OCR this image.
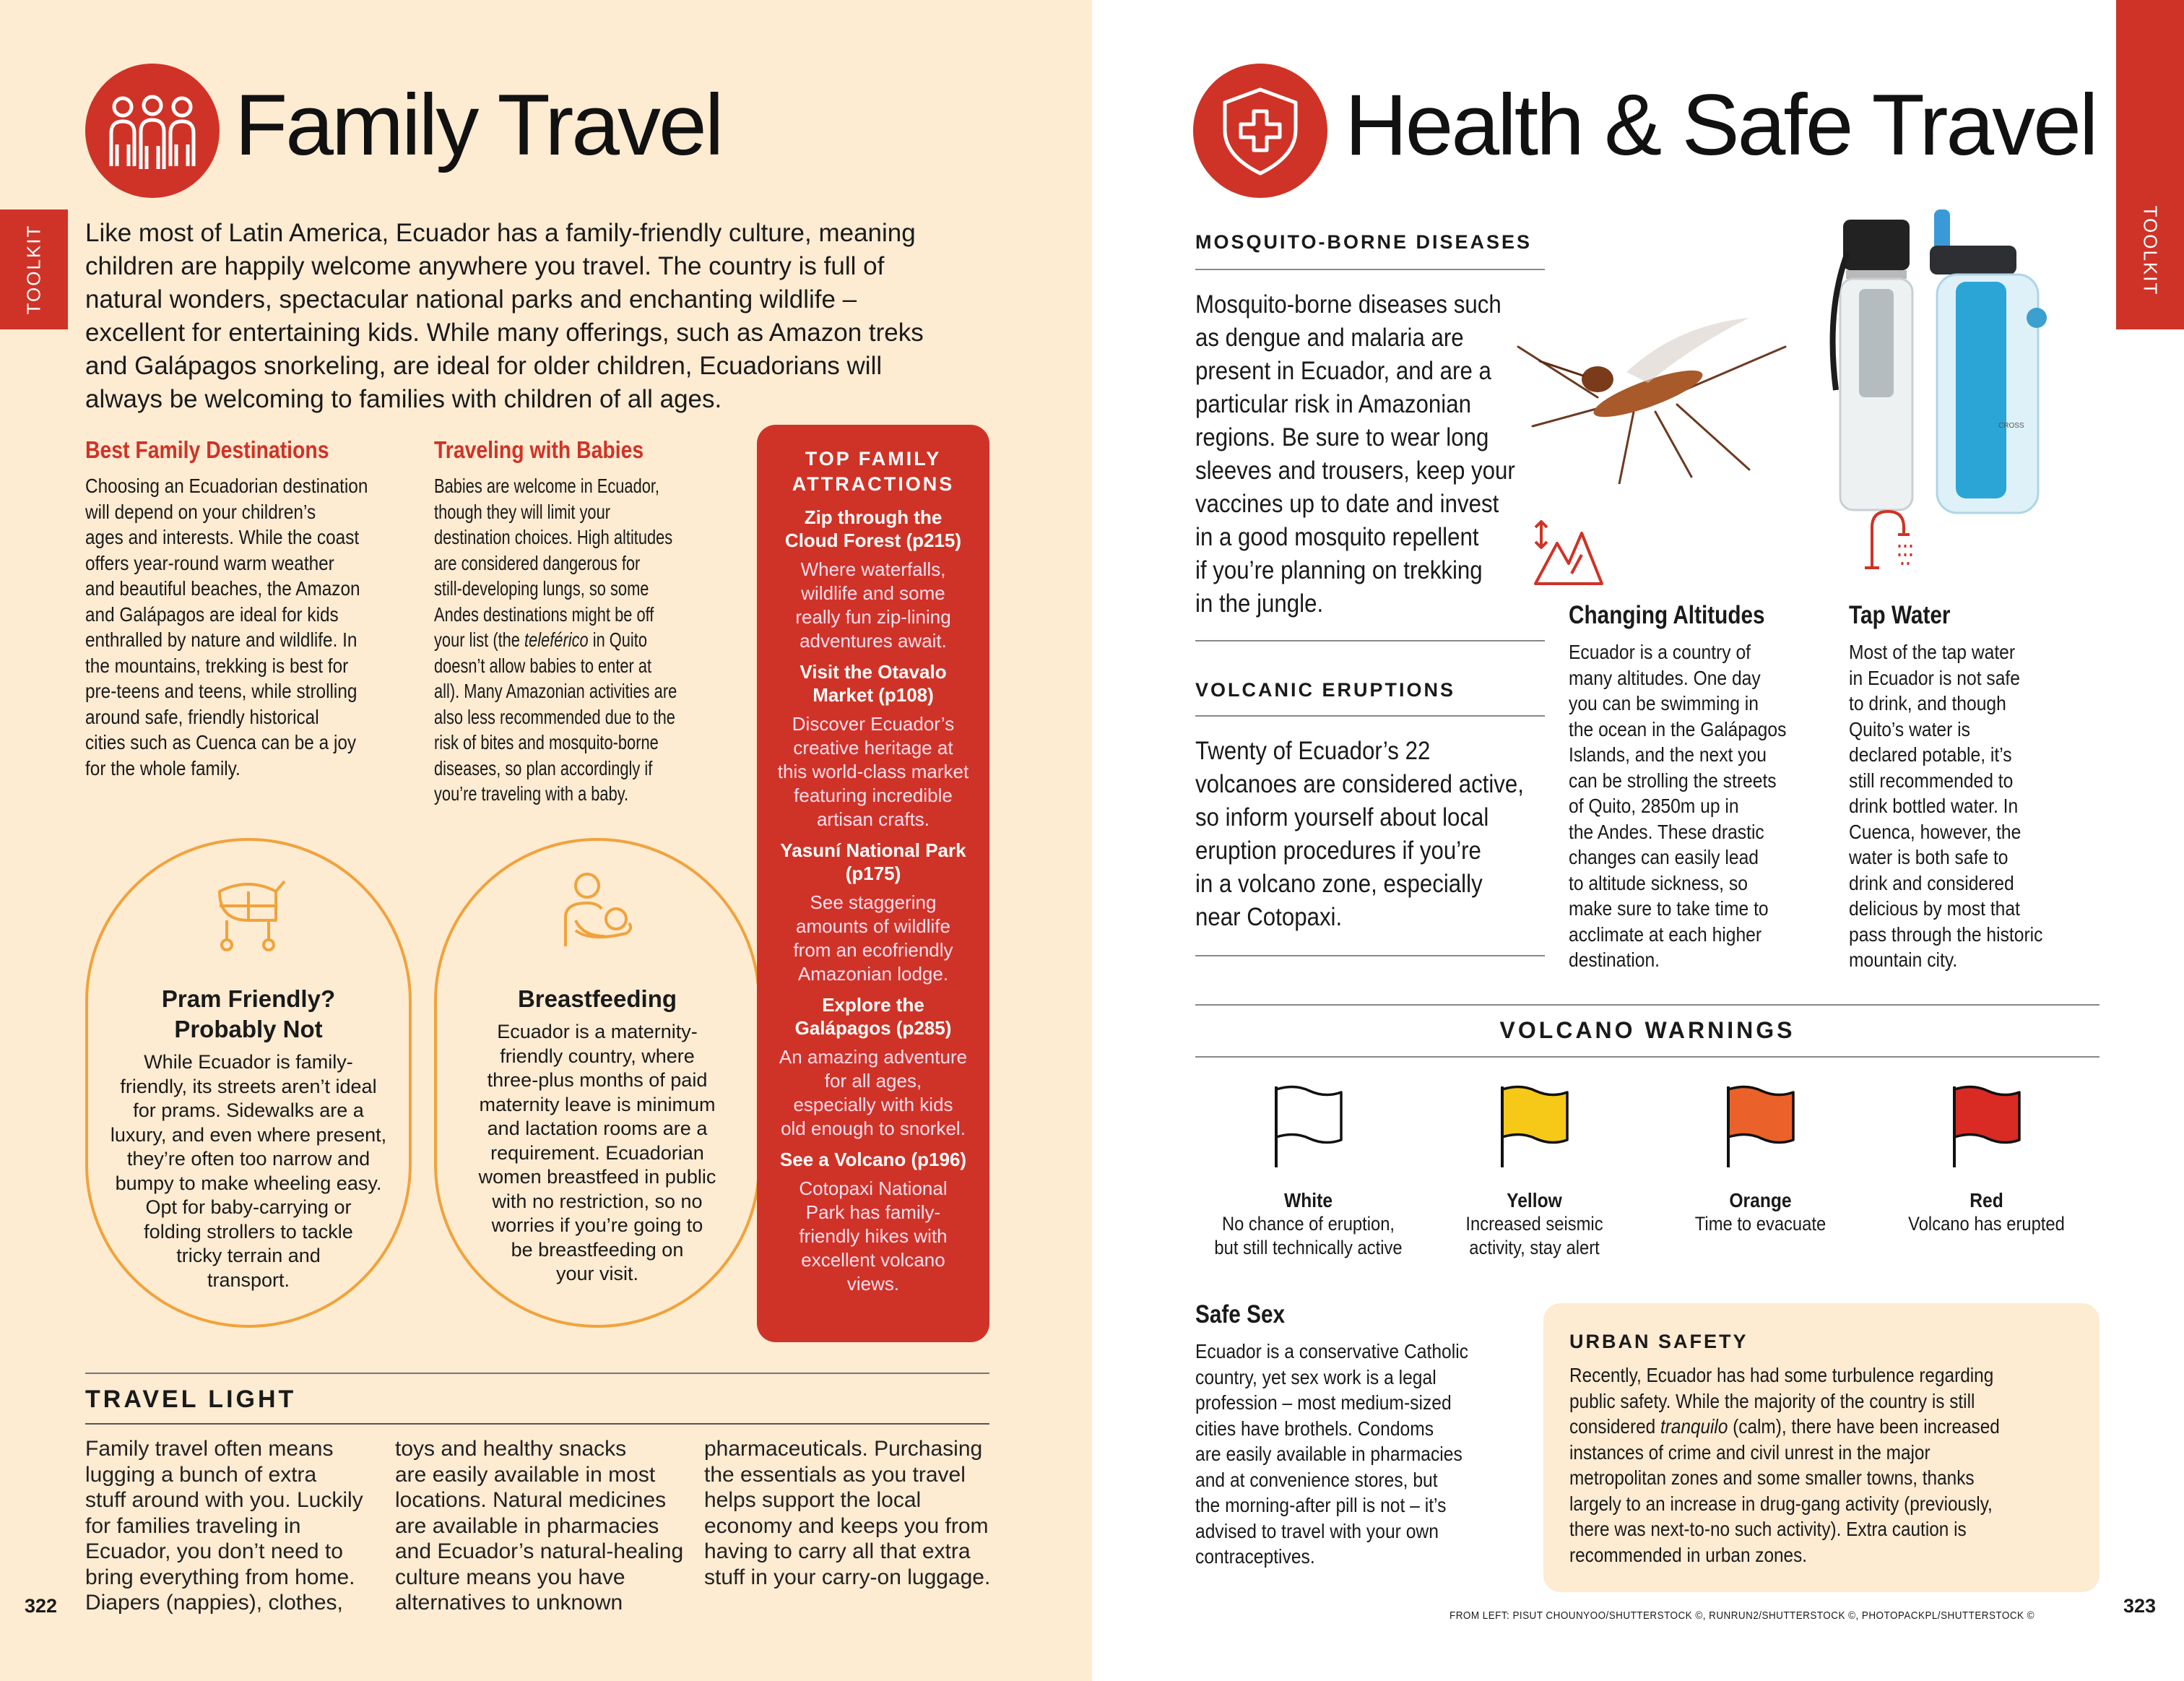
TOOLKIT
Family Travel
Like most of Latin America, Ecuador has a family-friendly culture, meaning
children are happily welcome anywhere you travel. The country is full of
natural wonders, spectacular national parks and enchanting wildlife –
excellent for entertaining kids. While many offerings, such as Amazon treks
and Galápagos snorkeling, are ideal for older children, Ecuadorians will
always be welcoming to families with children of all ages.
Best Family Destinations
Choosing an Ecuadorian destination
will depend on your children’s
ages and interests. While the coast
offers year-round warm weather
and beautiful beaches, the Amazon
and Galápagos are ideal for kids
enthralled by nature and wildlife. In
the mountains, trekking is best for
pre-teens and teens, while strolling
around safe, friendly historical
cities such as Cuenca can be a joy
for the whole family.
Traveling with Babies
Babies are welcome in Ecuador,
though they will limit your
destination choices. High altitudes
are considered dangerous for
still-developing lungs, so some
Andes destinations might be off
your list (the teleférico in Quito
doesn’t allow babies to enter at
all). Many Amazonian activities are
also less recommended due to the
risk of bites and mosquito-borne
diseases, so plan accordingly if
you’re traveling with a baby.
Pram Friendly?
Probably Not
While Ecuador is family-
friendly, its streets aren’t ideal
for prams. Sidewalks are a
luxury, and even where present,
they’re often too narrow and
bumpy to make wheeling easy.
Opt for baby-carrying or
folding strollers to tackle
tricky terrain and
transport.
Breastfeeding
Ecuador is a maternity-
friendly country, where
three-plus months of paid
maternity leave is minimum
and lactation rooms are a
requirement. Ecuadorian
women breastfeed in public
with no restriction, so no
worries if you’re going to
be breastfeeding on
your visit.
TOP FAMILY
ATTRACTIONS
Zip through the
Cloud Forest (p215)
Where waterfalls,
wildlife and some
really fun zip-lining
adventures await.
Visit the Otavalo
Market (p108)
Discover Ecuador’s
creative heritage at
this world-class market
featuring incredible
artisan crafts.
Yasuní National Park
(p175)
See staggering
amounts of wildlife
from an ecofriendly
Amazonian lodge.
Explore the
Galápagos (p285)
An amazing adventure
for all ages,
especially with kids
old enough to snorkel.
See a Volcano (p196)
Cotopaxi National
Park has family-
friendly hikes with
excellent volcano
views.
TRAVEL LIGHT
Family travel often means
lugging a bunch of extra
stuff around with you. Luckily
for families traveling in
Ecuador, you don’t need to
bring everything from home.
Diapers (nappies), clothes,
toys and healthy snacks
are easily available in most
locations. Natural medicines
are available in pharmacies
and Ecuador’s natural-healing
culture means you have
alternatives to unknown
pharmaceuticals. Purchasing
the essentials as you travel
helps support the local
economy and keeps you from
having to carry all that extra
stuff in your carry-on luggage.
322
TOOLKIT
Health & Safe Travel
MOSQUITO-BORNE DISEASES
Mosquito-borne diseases such
as dengue and malaria are
present in Ecuador, and are a
particular risk in Amazonian
regions. Be sure to wear long
sleeves and trousers, keep your
vaccines up to date and invest
in a good mosquito repellent
if you’re planning on trekking
in the jungle.
VOLCANIC ERUPTIONS
Twenty of Ecuador’s 22
volcanoes are considered active,
so inform yourself about local
eruption procedures if you’re
in a volcano zone, especially
near Cotopaxi.
CROSS
Changing Altitudes
Ecuador is a country of
many altitudes. One day
you can be swimming in
the ocean in the Galápagos
Islands, and the next you
can be strolling the streets
of Quito, 2850m up in
the Andes. These drastic
changes can easily lead
to altitude sickness, so
make sure to take time to
acclimate at each higher
destination.
Tap Water
Most of the tap water
in Ecuador is not safe
to drink, and though
Quito’s water is
declared potable, it’s
still recommended to
drink bottled water. In
Cuenca, however, the
water is both safe to
drink and considered
delicious by most that
pass through the historic
mountain city.
VOLCANO WARNINGS
White
No chance of eruption,
but still technically active
Yellow
Increased seismic
activity, stay alert
Orange
Time to evacuate
Red
Volcano has erupted
Safe Sex
Ecuador is a conservative Catholic
country, yet sex work is a legal
profession – most medium-sized
cities have brothels. Condoms
are easily available in pharmacies
and at convenience stores, but
the morning-after pill is not – it’s
advised to travel with your own
contraceptives.
URBAN SAFETY
Recently, Ecuador has had some turbulence regarding
public safety. While the majority of the country is still
considered tranquilo (calm), there have been increased
instances of crime and civil unrest in the major
metropolitan zones and some smaller towns, thanks
largely to an increase in drug-gang activity (previously,
there was next-to-no such activity). Extra caution is
recommended in urban zones.
FROM LEFT: PISUT CHOUNYOO/SHUTTERSTOCK ©, RUNRUN2/SHUTTERSTOCK ©, PHOTOPACKPL/SHUTTERSTOCK ©	323
